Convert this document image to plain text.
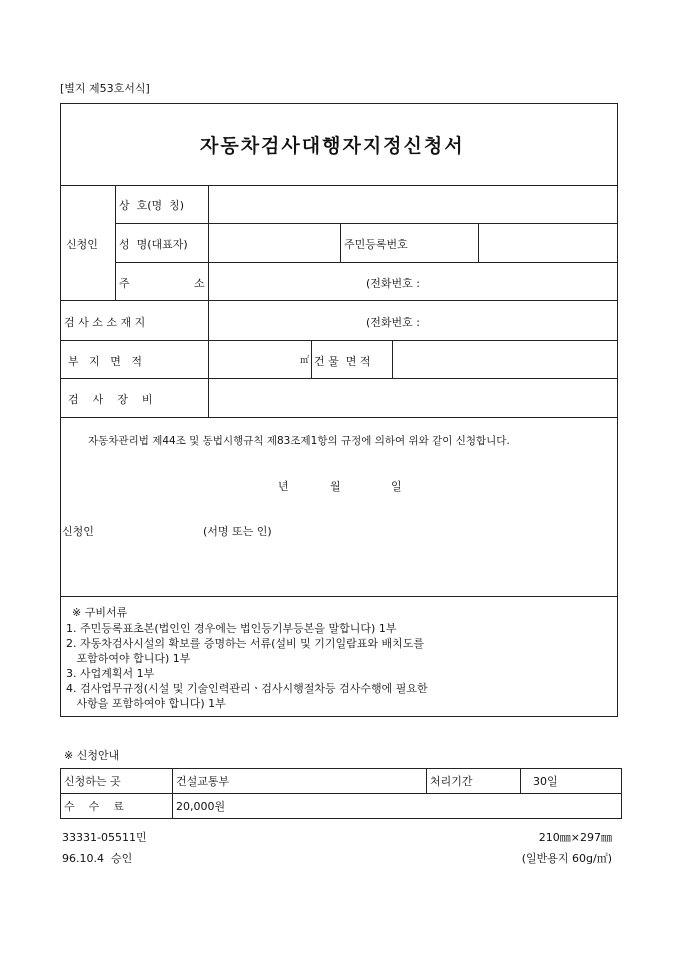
[별지 제53호서식]
자동차검사대행자지정신청서
신청인
상  호(명  칭)
성  명(대표자)	주민등록번호
주	소	(전화번호 :
검 사 소 소 재 지	(전화번호 :
부   지   면   적	㎡ 건 물  면 적
검    사    장    비
자동차관리법 제44조 및 동법시행규칙 제83조제1항의 규정에 의하여 위와 같이 신청합니다.
년	월	일
신청인	(서명 또는 인)
※ 구비서류
1. 주민등록표초본(법인인 경우에는 법인등기부등본을 말합니다) 1부
2. 자동차검사시설의 확보를 증명하는 서류(설비 및 기기일람표와 배치도를
포함하여야 합니다) 1부
3. 사업계획서 1부
4. 검사업무규정(시설 및 기술인력관리ㆍ검사시행절차등 검사수행에 필요한
사항을 포함하여야 합니다) 1부
※ 신청안내
신청하는 곳	건설교통부	처리기간	30일
수    수    료	20,000원		
33331-05511민
96.10.4  승인
210㎜×297㎜
(일반용지 60g/㎡)
